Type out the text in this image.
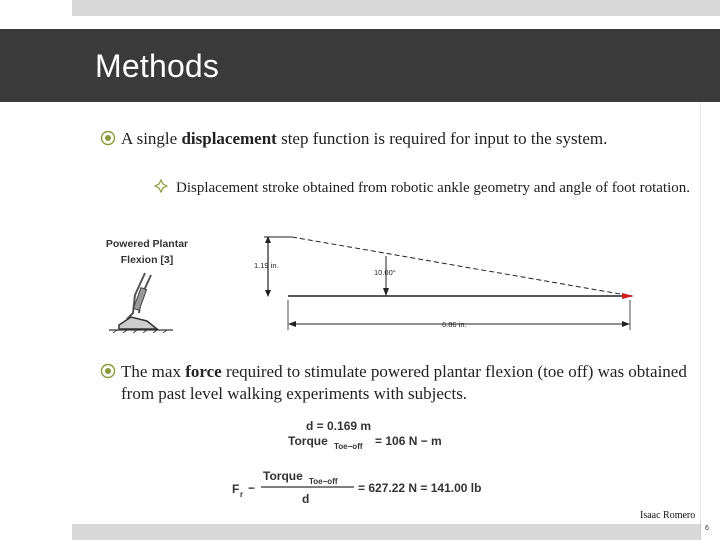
Methods
A single displacement step function is required for input to the system.
Displacement stroke obtained from robotic ankle geometry and angle of foot rotation.
Powered Plantar
Flexion [3]	1.19 in.
10.00°
6.86 in.
The max force required to stimulate powered plantar flexion (toe off) was obtained from past level walking experiments with subjects.
d = 0.169 m
Torque Toe−off = 106 N − m
F r −
Torque Toe−off
d
= 627.22 N = 141.00 lb
Isaac Romero
6
